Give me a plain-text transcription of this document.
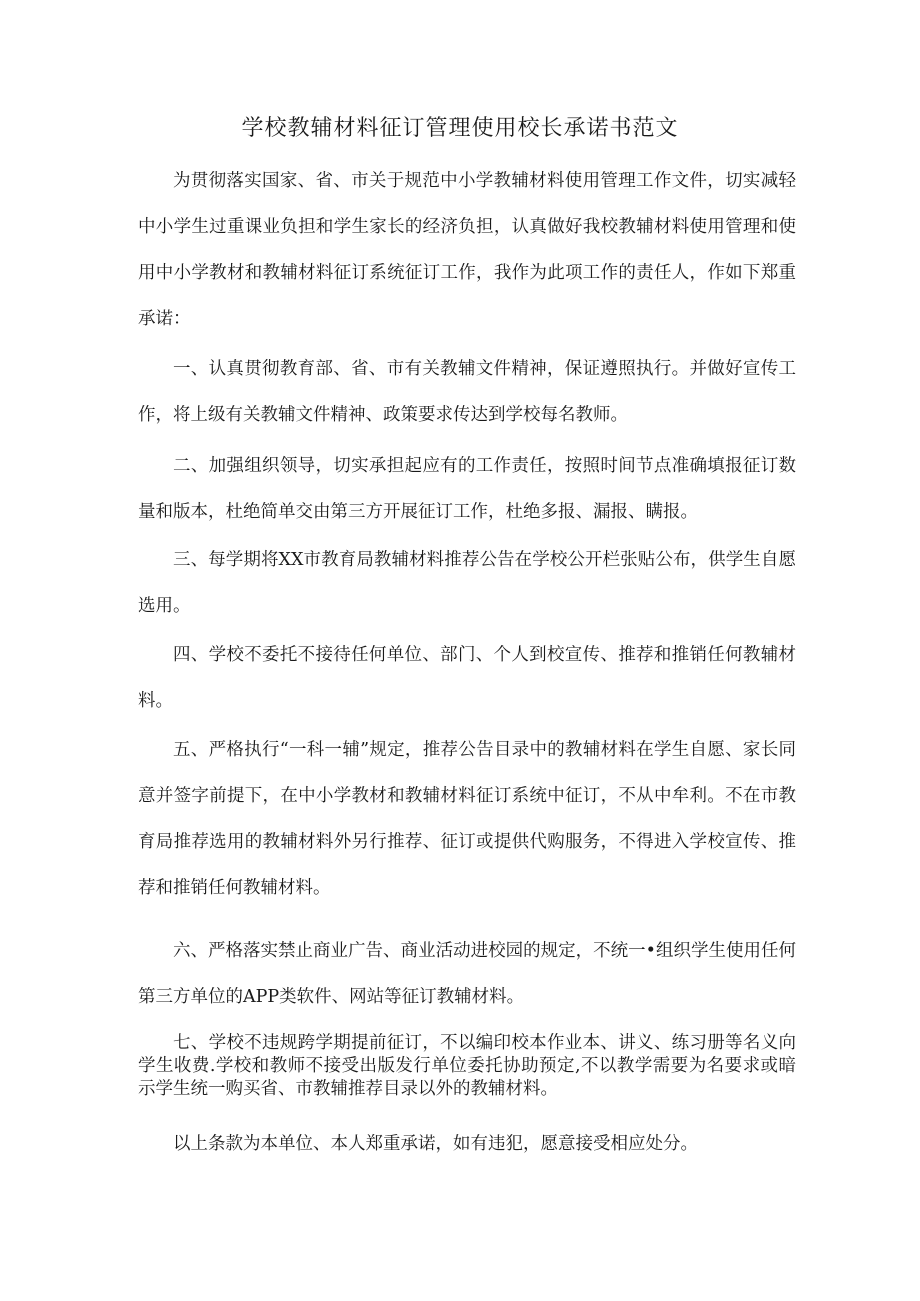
学校教辅材料征订管理使用校长承诺书范文

为贯彻落实国家、省、市关于规范中小学教辅材料使用管理工作文件，切实减轻中小学生过重课业负担和学生家长的经济负担，认真做好我校教辅材料使用管理和使用中小学教材和教辅材料征订系统征订工作，我作为此项工作的责任人，作如下郑重承诺：

一、认真贯彻教育部、省、市有关教辅文件精神，保证遵照执行。并做好宣传工作，将上级有关教辅文件精神、政策要求传达到学校每名教师。

二、加强组织领导，切实承担起应有的工作责任，按照时间节点准确填报征订数量和版本，杜绝简单交由第三方开展征订工作，杜绝多报、漏报、瞒报。

三、每学期将XX市教育局教辅材料推荐公告在学校公开栏张贴公布，供学生自愿选用。

四、学校不委托不接待任何单位、部门、个人到校宣传、推荐和推销任何教辅材料。

五、严格执行“一科一辅”规定，推荐公告目录中的教辅材料在学生自愿、家长同意并签字前提下，在中小学教材和教辅材料征订系统中征订，不从中牟利。不在市教育局推荐选用的教辅材料外另行推荐、征订或提供代购服务，不得进入学校宣传、推荐和推销任何教辅材料。

六、严格落实禁止商业广告、商业活动进校园的规定，不统一•组织学生使用任何第三方单位的APP类软件、网站等征订教辅材料。

七、学校不违规跨学期提前征订，不以编印校本作业本、讲义、练习册等名义向学生收费.学校和教师不接受出版发行单位委托协助预定,不以教学需要为名要求或暗示学生统一购买省、市教辅推荐目录以外的教辅材料。

以上条款为本单位、本人郑重承诺，如有违犯，愿意接受相应处分。
